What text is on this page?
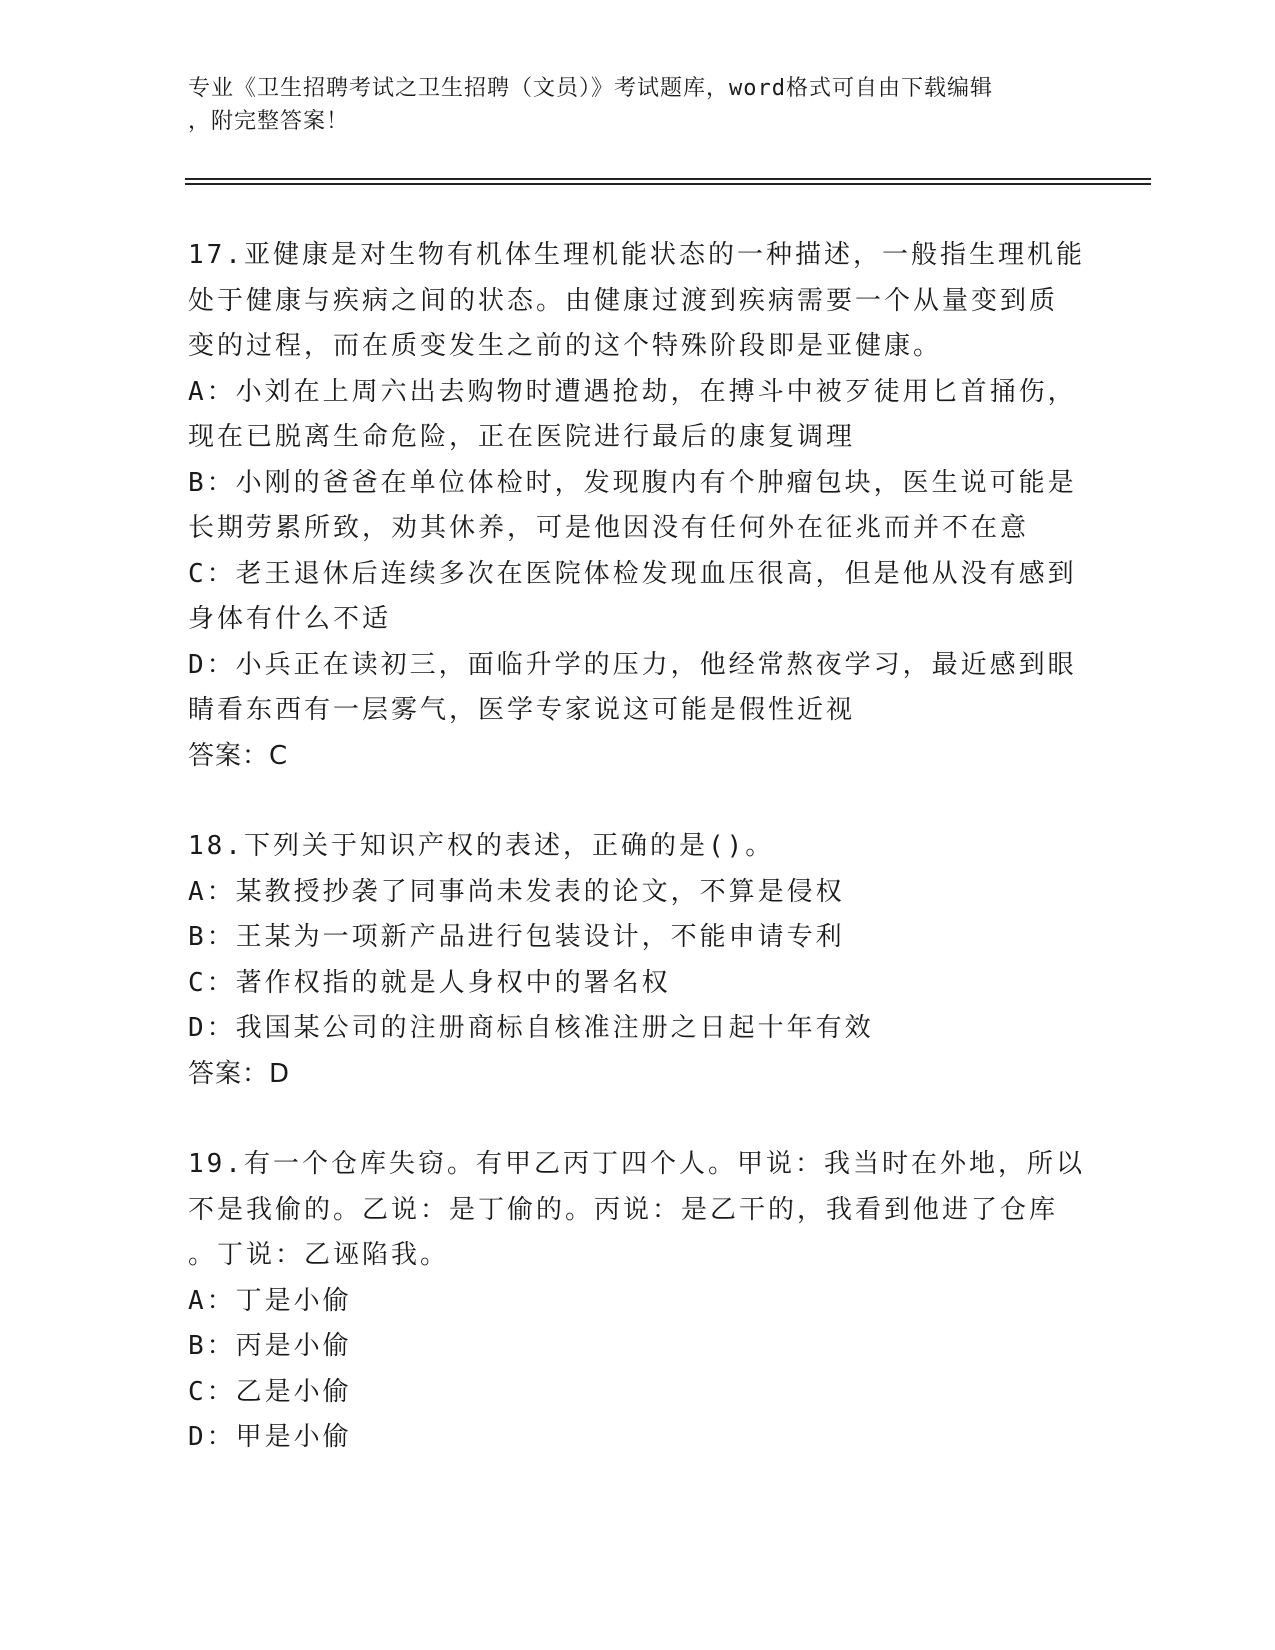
专业《卫生招聘考试之卫生招聘（文员）》考试题库，word格式可自由下载编辑
，附完整答案！

17.亚健康是对生物有机体生理机能状态的一种描述，一般指生理机能

处于健康与疾病之间的状态。由健康过渡到疾病需要一个从量变到质

变的过程，而在质变发生之前的这个特殊阶段即是亚健康。

A：小刘在上周六出去购物时遭遇抢劫，在搏斗中被歹徒用匕首捅伤，

现在已脱离生命危险，正在医院进行最后的康复调理

B：小刚的爸爸在单位体检时，发现腹内有个肿瘤包块，医生说可能是

长期劳累所致，劝其休养，可是他因没有任何外在征兆而并不在意

C：老王退休后连续多次在医院体检发现血压很高，但是他从没有感到

身体有什么不适

D：小兵正在读初三，面临升学的压力，他经常熬夜学习，最近感到眼

睛看东西有一层雾气，医学专家说这可能是假性近视

答案：C

18.下列关于知识产权的表述，正确的是()。

A：某教授抄袭了同事尚未发表的论文，不算是侵权

B：王某为一项新产品进行包装设计，不能申请专利

C：著作权指的就是人身权中的署名权

D：我国某公司的注册商标自核准注册之日起十年有效

答案：D

19.有一个仓库失窃。有甲乙丙丁四个人。甲说：我当时在外地，所以

不是我偷的。乙说：是丁偷的。丙说：是乙干的，我看到他进了仓库

。丁说：乙诬陷我。

A：丁是小偷

B：丙是小偷

C：乙是小偷

D：甲是小偷
